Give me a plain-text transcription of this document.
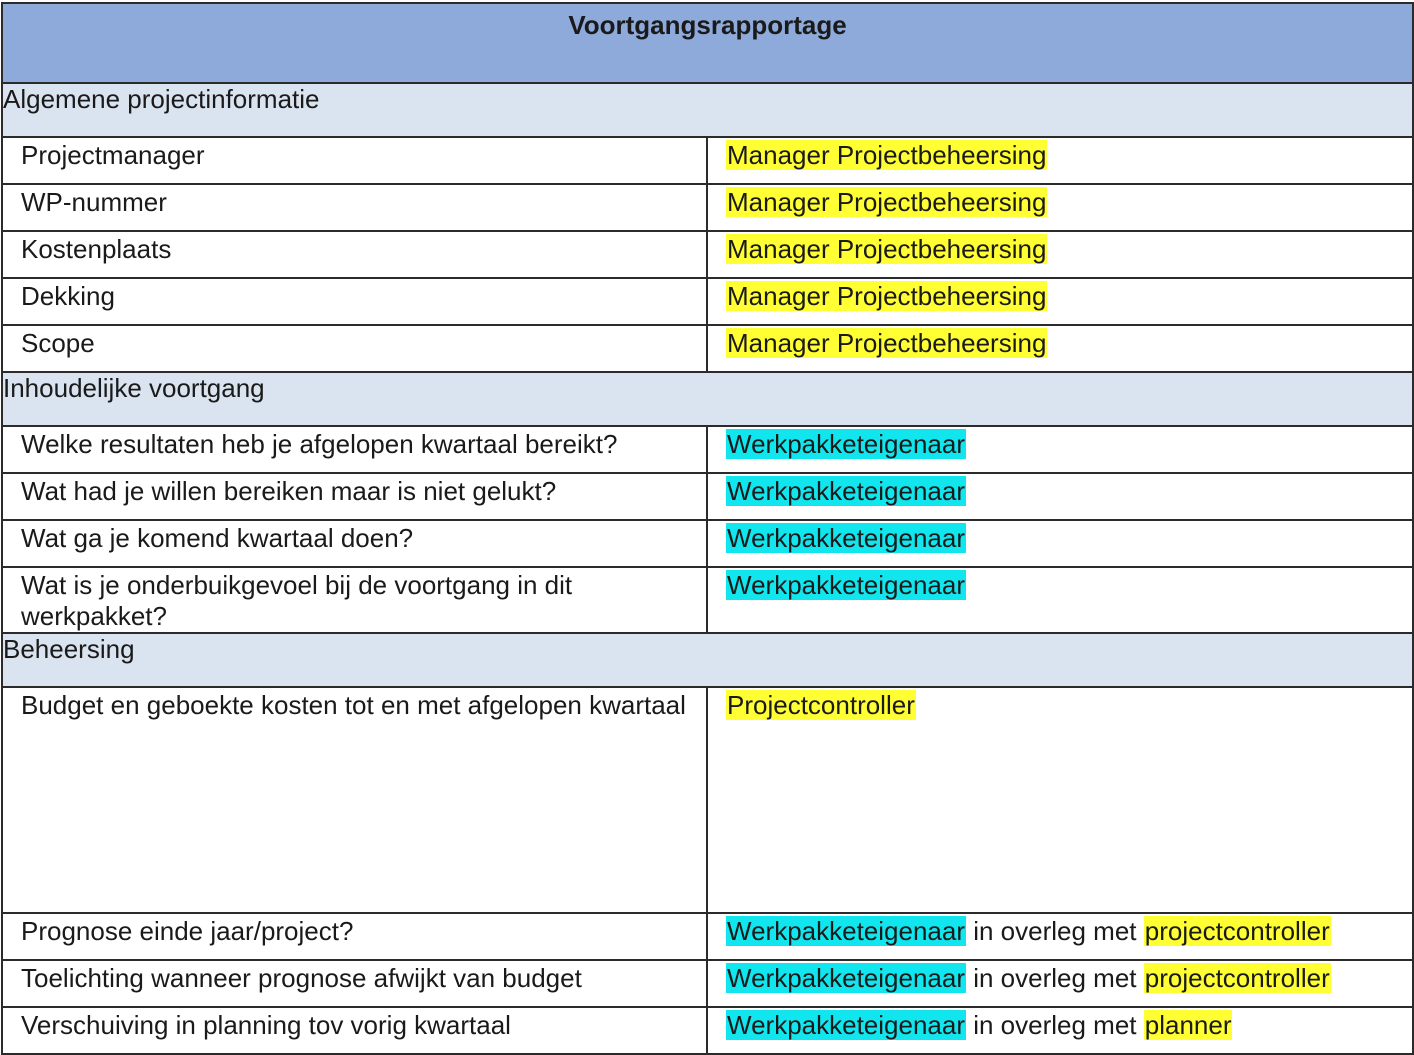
Voortgangsrapportage	
Algemene projectinformatie	
Projectmanager	Manager Projectbeheersing
WP-nummer	Manager Projectbeheersing
Kostenplaats	Manager Projectbeheersing
Dekking	Manager Projectbeheersing
Scope	Manager Projectbeheersing
Inhoudelijke voortgang	
Welke resultaten heb je afgelopen kwartaal bereikt?	Werkpakketeigenaar
Wat had je willen bereiken maar is niet gelukt?	Werkpakketeigenaar
Wat ga je komend kwartaal doen?	Werkpakketeigenaar
Wat is je onderbuikgevoel bij de voortgang in dit werkpakket?	Werkpakketeigenaar
Beheersing	
Budget en geboekte kosten tot en met afgelopen kwartaal	Projectcontroller
Prognose einde jaar/project?	Werkpakketeigenaar in overleg met projectcontroller
Toelichting wanneer prognose afwijkt van budget	Werkpakketeigenaar in overleg met projectcontroller
Verschuiving in planning tov vorig kwartaal	Werkpakketeigenaar in overleg met planner
